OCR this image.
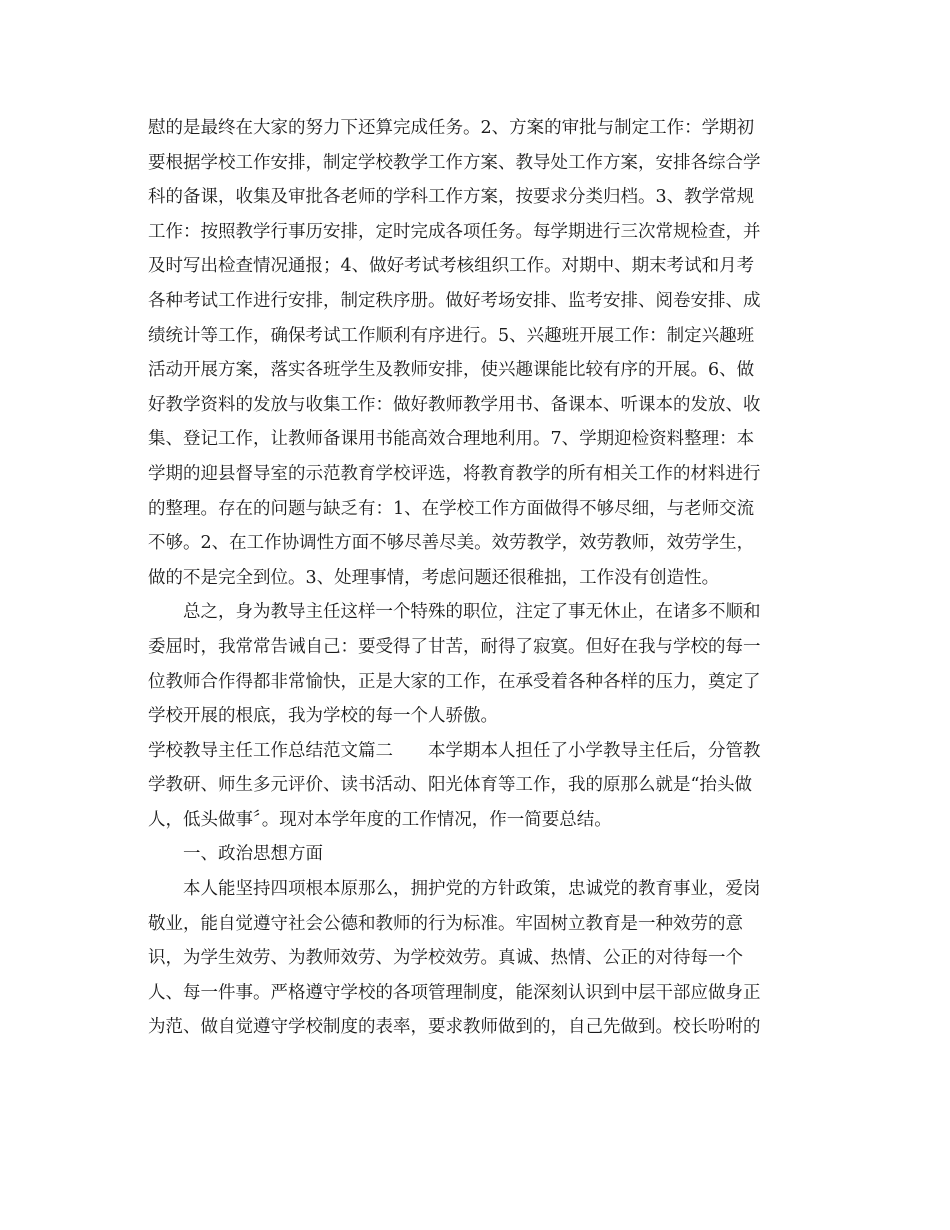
慰的是最终在大家的努力下还算完成任务。2、方案的审批与制定工作：学期初
要根据学校工作安排，制定学校教学工作方案、教导处工作方案，安排各综合学
科的备课，收集及审批各老师的学科工作方案，按要求分类归档。3、教学常规
工作：按照教学行事历安排，定时完成各项任务。每学期进行三次常规检查，并
及时写出检查情况通报；4、做好考试考核组织工作。对期中、期末考试和月考
各种考试工作进行安排，制定秩序册。做好考场安排、监考安排、阅卷安排、成
绩统计等工作，确保考试工作顺利有序进行。5、兴趣班开展工作：制定兴趣班
活动开展方案，落实各班学生及教师安排，使兴趣课能比较有序的开展。6、做
好教学资料的发放与收集工作：做好教师教学用书、备课本、听课本的发放、收
集、登记工作，让教师备课用书能高效合理地利用。7、学期迎检资料整理：本
学期的迎县督导室的示范教育学校评选，将教育教学的所有相关工作的材料进行
的整理。存在的问题与缺乏有：1、在学校工作方面做得不够尽细，与老师交流
不够。2、在工作协调性方面不够尽善尽美。效劳教学，效劳教师，效劳学生，
做的不是完全到位。3、处理事情，考虑问题还很稚拙，工作没有创造性。
总之，身为教导主任这样一个特殊的职位，注定了事无休止，在诸多不顺和
委屈时，我常常告诫自己：要受得了甘苦，耐得了寂寞。但好在我与学校的每一
位教师合作得都非常愉快，正是大家的工作，在承受着各种各样的压力，奠定了
学校开展的根底，我为学校的每一个人骄傲。
学校教导主任工作总结范文篇二　　本学期本人担任了小学教导主任后，分管教
学教研、师生多元评价、读书活动、阳光体育等工作，我的原那么就是“抬头做
人，低头做事〞。现对本学年度的工作情况，作一简要总结。
一、政治思想方面
本人能坚持四项根本原那么，拥护党的方针政策，忠诚党的教育事业，爱岗
敬业，能自觉遵守社会公德和教师的行为标准。牢固树立教育是一种效劳的意
识，为学生效劳、为教师效劳、为学校效劳。真诚、热情、公正的对待每一个
人、每一件事。严格遵守学校的各项管理制度，能深刻认识到中层干部应做身正
为范、做自觉遵守学校制度的表率，要求教师做到的，自己先做到。校长吩咐的
